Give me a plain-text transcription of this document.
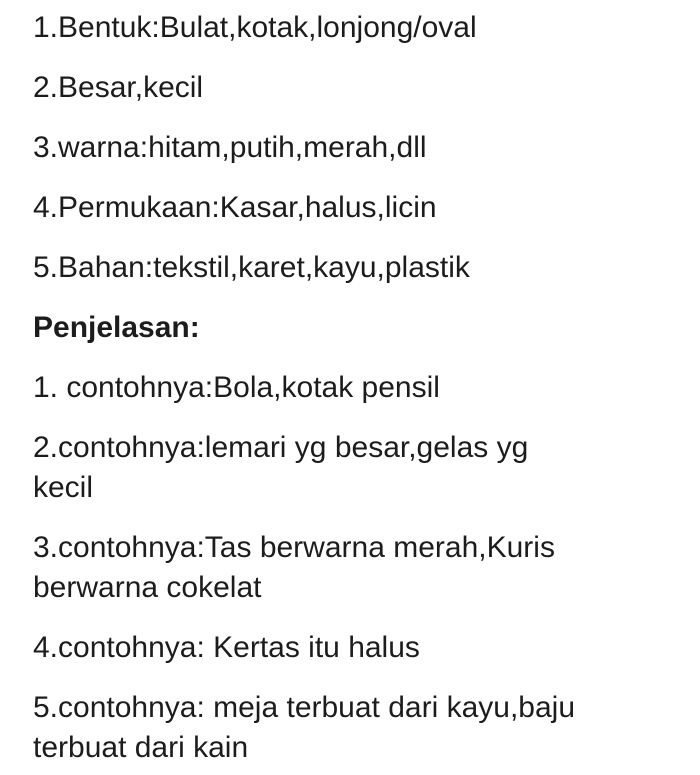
1.Bentuk:Bulat,kotak,lonjong/oval

2.Besar,kecil

3.warna:hitam,putih,merah,dll

4.Permukaan:Kasar,halus,licin

5.Bahan:tekstil,karet,kayu,plastik

Penjelasan:

1. contohnya:Bola,kotak pensil

2.contohnya:lemari yg besar,gelas yg

kecil

3.contohnya:Tas berwarna merah,Kuris

berwarna cokelat

4.contohnya: Kertas itu halus

5.contohnya: meja terbuat dari kayu,baju

terbuat dari kain
